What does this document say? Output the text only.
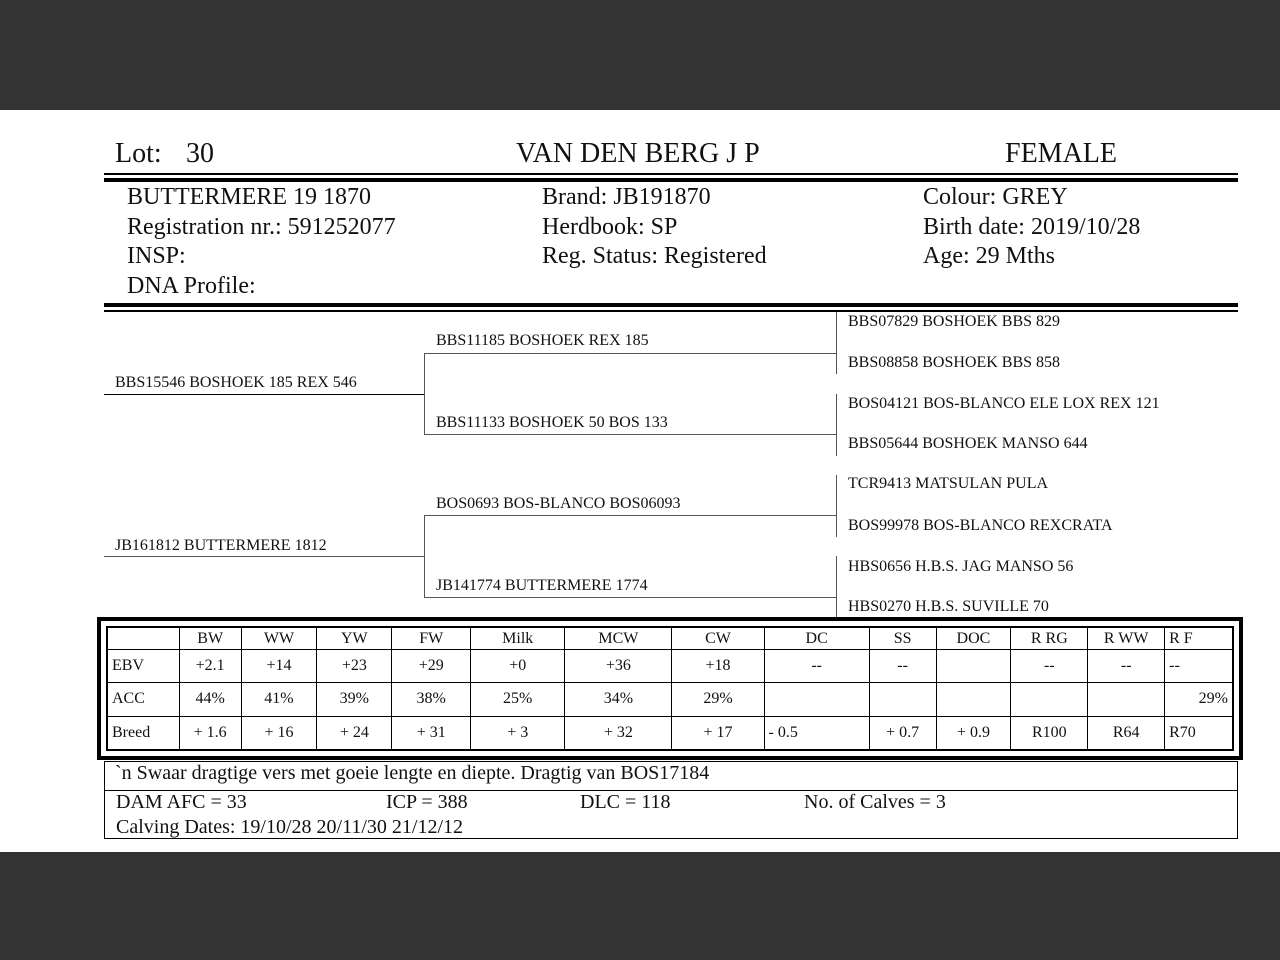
Lot: 30	VAN DEN BERG J P	FEMALE
BUTTERMERE 19 1870
Registration nr.: 591252077
INSP:
DNA Profile:
Brand: JB191870
Herdbook: SP
Reg. Status: Registered
Colour: GREY
Birth date: 2019/10/28
Age: 29 Mths
BBS15546 BOSHOEK 185 REX 546
JB161812 BUTTERMERE 1812
BBS11185 BOSHOEK REX 185
BBS11133 BOSHOEK 50 BOS 133
BOS0693 BOS-BLANCO BOS06093
JB141774 BUTTERMERE 1774
BBS07829 BOSHOEK BBS 829
BBS08858 BOSHOEK BBS 858
BOS04121 BOS-BLANCO ELE LOX REX 121
BBS05644 BOSHOEK MANSO 644
TCR9413 MATSULAN PULA
BOS99978 BOS-BLANCO REXCRATA
HBS0656 H.B.S. JAG MANSO 56
HBS0270 H.B.S. SUVILLE 70
	BW	WW	YW	FW	Milk	MCW	CW	DC	SS	DOC	R RG	R WW	R F
EBV	+2.1	+14	+23	+29	+0	+36	+18	--	--		--	--	--
ACC	44%	41%	39%	38%	25%	34%	29%						29%
Breed	+ 1.6	+ 16	+ 24	+ 31	+ 3	+ 32	+ 17	- 0.5	+ 0.7	+ 0.9	R100	R64	R70
`n Swaar dragtige vers met goeie lengte en diepte. Dragtig van BOS17184
DAM AFC = 33	ICP = 388	DLC = 118	No. of Calves = 3
Calving Dates: 19/10/28 20/11/30 21/12/12
